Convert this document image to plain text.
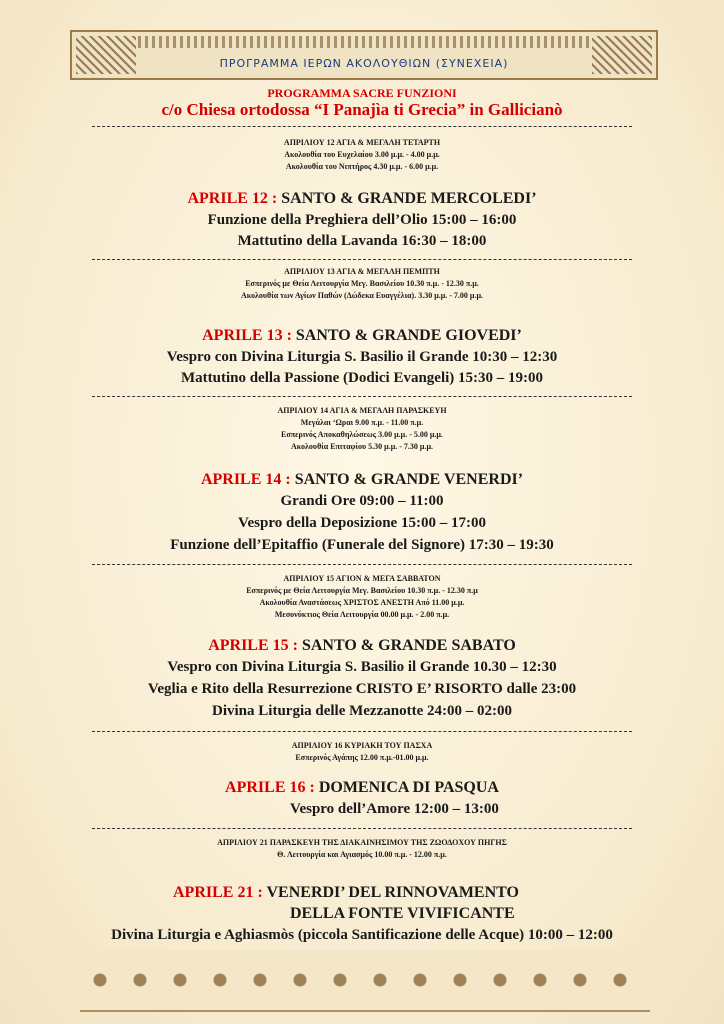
ΠΡΟΓΡΑΜΜΑ ΙΕΡΩΝ ΑΚΟΛΟΥΘΙΩΝ (ΣΥΝΕΧΕΙΑ)
PROGRAMMA SACRE FUNZIONI
c/o Chiesa ortodossa “I Panajìa ti Grecia” in Gallicianò
ΑΠΡΙΛΙΟΥ 12 ΑΓΙΑ & ΜΕΓΑΛΗ ΤΕΤΑΡΤΗ
Ακολουθία του Ευχελαίου 3.00 μ.μ. - 4.00 μ.μ.
Ακολουθία του Νιπτήρος 4.30 μ.μ. - 6.00 μ.μ.
APRILE 12 : SANTO & GRANDE MERCOLEDI’
Funzione della Preghiera dell’Olio 15:00 – 16:00
Mattutino della Lavanda 16:30 – 18:00
ΑΠΡΙΛΙΟΥ 13 ΑΓΙΑ & ΜΕΓΑΛΗ ΠΕΜΠΤΗ
Εσπερινός με Θεία Λειτουργία Μεγ. Βασιλείου 10.30 π.μ. - 12.30 π.μ.
Ακολουθία των Αγίων Παθών (Δώδεκα Ευαγγέλια). 3.30 μ.μ. - 7.00 μ.μ.
APRILE 13 : SANTO & GRANDE GIOVEDI’
Vespro con Divina Liturgia S. Basilio il Grande 10:30 – 12:30
Mattutino della Passione (Dodici Evangeli) 15:30 – 19:00
ΑΠΡΙΛΙΟΥ 14 ΑΓΙΑ & ΜΕΓΑΛΗ ΠΑΡΑΣΚΕΥΗ
Μεγάλαι ‘Ωραι 9.00 π.μ. - 11.00 π.μ.
Εσπερινός Αποκαθηλώσεως 3.00 μ.μ. - 5.00 μ.μ.
Ακολουθία Επιταφίου 5.30 μ.μ. - 7.30 μ.μ.
APRILE 14 : SANTO & GRANDE VENERDI’
Grandi Ore 09:00 – 11:00
Vespro della Deposizione 15:00 – 17:00
Funzione dell’Epitaffio (Funerale del Signore) 17:30 – 19:30
ΑΠΡΙΛΙΟΥ 15 ΑΓΙΟΝ & ΜΕΓΑ ΣΑΒΒΑΤΟΝ
Εσπερινός με Θεία Λειτουργία Μεγ. Βασιλείου 10.30 π.μ. - 12.30 π.μ
Ακολουθία Αναστάσεως ΧΡΙΣΤΟΣ ΑΝΕΣΤΗ Από 11.00 μ.μ.
Μεσονύκτιος Θεία Λειτουργία 00.00 μ.μ. - 2.00 π.μ.
APRILE 15 : SANTO & GRANDE SABATO
Vespro con Divina Liturgia S. Basilio il Grande 10.30 – 12:30
Veglia e Rito della Resurrezione CRISTO E’ RISORTO dalle 23:00
Divina Liturgia delle Mezzanotte 24:00 – 02:00
ΑΠΡΙΛΙΟΥ 16 ΚΥΡΙΑΚΗ ΤΟΥ ΠΑΣΧΑ
Εσπερινός Αγάπης 12.00 π.μ.-01.00 μ.μ.
APRILE 16 : DOMENICA DI PASQUA
Vespro dell’Amore 12:00 – 13:00
ΑΠΡΙΛΙΟΥ 21 ΠΑΡΑΣΚΕΥΗ ΤΗΣ ΔΙΑΚΑΙΝΗΣΙΜΟΥ ΤΗΣ ΖΩΟΔΟΧΟΥ ΠΗΓΗΣ
Θ. Λειτουργία και Αγιασμός 10.00 π.μ. - 12.00 π.μ.
APRILE 21 : VENERDI’ DEL RINNOVAMENTO
DELLA FONTE VIVIFICANTE
Divina Liturgia e Aghiasmòs (piccola Santificazione delle Acque) 10:00 – 12:00
